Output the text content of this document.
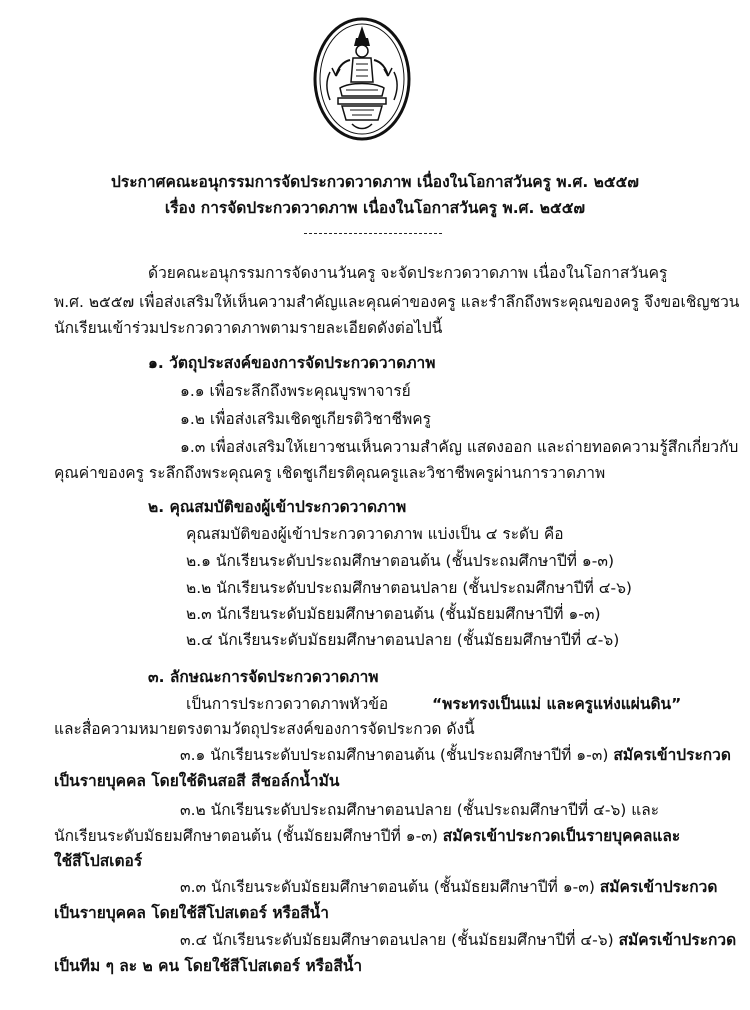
ประกาศคณะอนุกรรมการจัดประกวดวาดภาพ เนื่องในโอกาสวันครู พ.ศ. ๒๕๕๗
เรื่อง การจัดประกวดวาดภาพ เนื่องในโอกาสวันครู พ.ศ. ๒๕๕๗
ด้วยคณะอนุกรรมการจัดงานวันครู จะจัดประกวดวาดภาพ เนื่องในโอกาสวันครู
พ.ศ. ๒๕๕๗ เพื่อส่งเสริมให้เห็นความสำคัญและคุณค่าของครู และรำลึกถึงพระคุณของครู จึงขอเชิญชวน
นักเรียนเข้าร่วมประกวดวาดภาพตามรายละเอียดดังต่อไปนี้
๑. วัตถุประสงค์ของการจัดประกวดวาดภาพ
๑.๑ เพื่อระลึกถึงพระคุณบูรพาจารย์
๑.๒ เพื่อส่งเสริมเชิดชูเกียรติวิชาชีพครู
๑.๓ เพื่อส่งเสริมให้เยาวชนเห็นความสำคัญ แสดงออก และถ่ายทอดความรู้สึกเกี่ยวกับ
คุณค่าของครู ระลึกถึงพระคุณครู เชิดชูเกียรติคุณครูและวิชาชีพครูผ่านการวาดภาพ
๒. คุณสมบัติของผู้เข้าประกวดวาดภาพ
คุณสมบัติของผู้เข้าประกวดวาดภาพ แบ่งเป็น ๔ ระดับ คือ
๒.๑ นักเรียนระดับประถมศึกษาตอนต้น (ชั้นประถมศึกษาปีที่ ๑-๓)
๒.๒ นักเรียนระดับประถมศึกษาตอนปลาย (ชั้นประถมศึกษาปีที่ ๔-๖)
๒.๓ นักเรียนระดับมัธยมศึกษาตอนต้น (ชั้นมัธยมศึกษาปีที่ ๑-๓)
๒.๔ นักเรียนระดับมัธยมศึกษาตอนปลาย (ชั้นมัธยมศึกษาปีที่ ๔-๖)
๓. ลักษณะการจัดประกวดวาดภาพ
เป็นการประกวดวาดภาพหัวข้อ	“พระทรงเป็นแม่ และครูแห่งแผ่นดิน”
และสื่อความหมายตรงตามวัตถุประสงค์ของการจัดประกวด ดังนี้
๓.๑ นักเรียนระดับประถมศึกษาตอนต้น (ชั้นประถมศึกษาปีที่ ๑-๓) สมัครเข้าประกวด
เป็นรายบุคคล โดยใช้ดินสอสี สีชอล์กน้ำมัน
๓.๒ นักเรียนระดับประถมศึกษาตอนปลาย (ชั้นประถมศึกษาปีที่ ๔-๖) และ
นักเรียนระดับมัธยมศึกษาตอนต้น (ชั้นมัธยมศึกษาปีที่ ๑-๓) สมัครเข้าประกวดเป็นรายบุคคลและ
ใช้สีโปสเตอร์
๓.๓ นักเรียนระดับมัธยมศึกษาตอนต้น (ชั้นมัธยมศึกษาปีที่ ๑-๓) สมัครเข้าประกวด
เป็นรายบุคคล โดยใช้สีโปสเตอร์ หรือสีน้ำ
๓.๔ นักเรียนระดับมัธยมศึกษาตอนปลาย (ชั้นมัธยมศึกษาปีที่ ๔-๖) สมัครเข้าประกวด
เป็นทีม ๆ ละ ๒ คน โดยใช้สีโปสเตอร์ หรือสีน้ำ
